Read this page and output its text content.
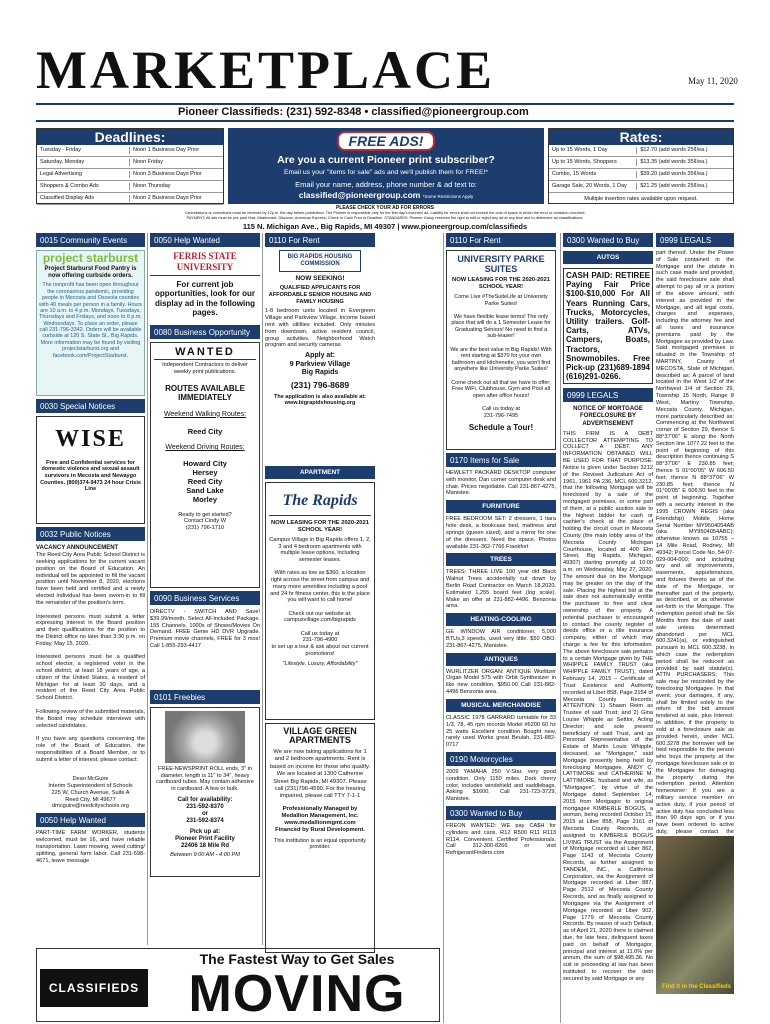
MARKETPLACE	May 11, 2020
Pioneer Classifieds: (231) 592-8348 • classified@pioneergroup.com
Deadlines:
Tuesday - Friday	Noon 1 Business Day Prior
Saturday, Monday	Noon Friday
Legal Advertising	Noon 3 Business Days Prior
Shoppers & Combo Ads	Noon Thursday
Classified Display Ads	Noon 2 Business Days Prior
FREE ADS!
Are you a current Pioneer print subscriber?
Email us your "items for sale" ads and we'll publish them for FREE!*
Email your name, address, phone number & ad text to:
classified@pioneergroup.com *Some Restrictions Apply
Rates:
Up to 15 Words, 1 Day	$12.70 (add words 25¢/ea.)
Up to 15 Words, Shoppers	$13.35 (add words 35¢/ea.)
Combo, 15 Words	$39.20 (add words 35¢/ea.)
Garage Sale, 20 Words, 1 Day	$21.25 (add words 25¢/ea.)
Multiple insertion rates available upon request.
PLEASE CHECK YOUR AD FOR ERRORS
Cancellations or corrections must be received by 12p.m. the day before publication. The Pioneer is responsible only for the first day's incorrect ad. Liability for errors shall not exceed the cost of space in which the error or omission occurred.
PAYMENT: All ads must be pre-paid Visa, Mastercard, Discover, American Express, Check or Cash Prior to Deadline. STANDARDS: Pioneer Group reserves the right to edit or reject any ad at any time and to determine ad classifications.
115 N. Michigan Ave., Big Rapids, MI 49307 | www.pioneergroup.com/classifieds
0015 Community Events
project starburst
Project Starburst Food Pantry is now offering curbside orders.
The nonprofit has been open throughout the coronavirus pandemic, providing people in Mecosta and Osceola counties with 40 meals per person in a family. Hours are 10 a.m. to 4 p.m. Mondays, Tuesdays, Thursdays and Fridays, and noon to 6 p.m. Wednesdays. To place an order, please call 231-796-3342. Orders will be available curbside at 120 S. State St., Big Rapids. More information may be found by visiting projectstarburst.org and facebook.com/ProjectStarburst.
0030 Special Notices
WISE
Free and Confidential services for domestic violence and sexual assault survivors in Mecosta and Newaygo Counties. (800)374-9473 24 hour Crisis Line
0032 Public Notices
VACANCY ANNOUNCEMENT
The Reed City Area Public School District is seeking applications for the current vacant position on the Board of Education. An individual will be appointed to fill the vacant position until November 8, 2020, elections have been held and certified and a newly elected individual has been sworn-in to fill the remainder of the position's term.

Interested persons must submit a letter expressing interest in the Board position and their qualifications for the position to the District office no later than 3:30 p.m. on Friday, May 15, 2020.

Interested persons must be a qualified school elector, a registered voter in the school district, at least 18 years of age, a citizen of the United States, a resident of Michigan for at least 30 days, and a resident of the Reed City Area Public School District.

Following review of the submitted materials, the Board may schedule interviews with selected candidates.

If you have any questions concerning the role of the Board of Education, the responsibilities of a Board Member, or to submit a letter of interest, please contact:
Dean McGuire
Interim Superintendent of Schools
225 W. Church Avenue, Suite A
Reed City, MI 49677
dmcguire@reedcityschools.org
0050 Help Wanted
PART-TIME FARM WORKER, students welcomed, must be 16, and have reliable transportation. Lawn mowing, weed cutting/ splitting, general farm labor. Call 231-598-4671, leave message
0050 Help Wanted
FERRIS STATE UNIVERSITY
For current job opportunities, look for our display ad in the following pages.
0080 Business Opportunity
WANTED
Independent Contractors to deliver weekly print publications.
ROUTES AVAILABLE IMMEDIATELY
Weekend Walking Routes:
Reed City
Weekend Driving Routes:
Howard City
Hersey
Reed City
Sand Lake
Morley
Ready to get started?
Contact Cindy W
(231) 796-1710
0090 Business Services
DIRECTV - SWITCH AND Save! $39.99/month. Select All-Included Package. 155 Channels. 1000s of Shows/Movies On Demand. FREE Genie HD DVR Upgrade. Premium movie channels, FREE for 3 mos! Call 1-855-293-4417
0101 Freebies
FREE-NEWSPRINT ROLL ends, 3" in diameter, length is 11" to 34", heavy cardboard tubes. May contain adhesive in cardboard. A few or bulk.
Call for availability:
231-592-8370
or
231-592-8374
Pick up at:
Pioneer Print Facility
22406 18 Mile Rd
Between 9:00 AM - 4:00 PM
0110 For Rent
BIG RAPIDS HOUSING COMMISSION
NOW SEEKING!
QUALIFIED APPLICANTS FOR AFFORDABLE SENIOR HOUSING AND FAMILY HOUSING
1-8 bedroom units located in Evergreen Village and Parkview Village. Income based rent with utilities included. Only minutes from downtown, active resident council, group activities. Neighborhood Watch program and security cameras.
Apply at:
9 Parkview Village
Big Rapids
(231) 796-8689
The application is also available at: www.bigrapidshousing.org
APARTMENT
The Rapids
NOW LEASING FOR THE 2020-2021 SCHOOL YEAR!
Campus Village in Big Rapids offers 1, 2, 3 and 4 bedroom apartments with multiple lease options, including semester leases.

With rates as low as $360, a location right across the street from campus and many more amenities including a pool and 24 hr fitness center, this is the place you will want to call home!

Check out our website at: campusvillage.com/bigrapids

Call us today at
231-796-4900
to set up a tour & ask about our current promotions!
"Lifestyle, Luxury, Affordability"
VILLAGE GREEN APARTMENTS
We are now taking applications for 1 and 2 bedroom apartments. Rent is based on income for those who qualify. We are located at 1300 Catherine Street Big Rapids, MI 49307. Please call (231)796-4590. For the hearing impaired, please call TTY 7-1-1
Professionally Managed by Medallion Management, Inc.
www.medallionmgmt.com
Financed by Rural Development.
This institution is an equal opportunity provider.
0110 For Rent
UNIVERSITY PARKE SUITES
NOW LEASING FOR THE 2020-2021 SCHOOL YEAR!
Come Live #TheSuiteLife at University Parke Suites!

We have flexible lease terms! The only place that will do a 1 Semester Lease for Graduating Seniors! No need to find a sub-leaser!

We are the best value in Big Rapids! With rent starting at $370 for your own bathroom and kitchenette, you won't find anywhere like University Parke Suites!

Come check out all that we have to offer; Free WiFi, Clubhouse, Gym and Pool all open after office hours!

Call us today at
231-796-7495
Schedule a Tour!
0170 Items for Sale
HEWLETT PACKARD DESKTOP computer with monitor, Dan corner computer desk and chair. Prices negotiable. Call 231-867-4275, Manistee.
FURNITURE
FREE BEDROOM SET: 2 dressers, 1 tiara hole desk, a bookcase bed, mattress and springs (queen sized), and a mirror for one of the dressers. Need the space. Photos available 231-362-7766 Frankfort
TREES
TREES: THREE LIVE 100 year old Black Walnut Trees accidentally cut down by Berlin Road Contractor on March 18,2020. Estimated 1,255 board feet (log scale). Make an offer at 231-882-4496. Benzonia area.
HEATING-COOLING
GE WINDOW AIR conditioner, 5,000 BTUs,3 speeds, used very little. $50 OBO. 231-867-4275, Manistee.
ANTIQUES
WURLITZER ORGAN: ANTIQUE Wurlitzer Organ Model 575 with Orbit Synthesizer in like new condition. $950.00 Call 231-882-4496 Benzonia area.
MUSICAL MERCHANDISE
CLASSIC 1978 GARRARD turntable for 33 1/3, 78, 45 rpm records Model #6200 60 hz 25 watts Excellent condition Bought new, rarely used Works great Beulah, 231-882-0717
0190 Motorcycles
2009 YAMAHA 250 V-Star, very good condition. Only 1150 miles. Dark cherry color, includes windshield and saddlebags. Asking $1600. Call 231-723-3729, Manistee.
0300 Wanted to Buy
FREON WANTED: WE pay CA$H for cylinders and cans. R12 R500 R11 R113 R114. Convenient. Certified Professionals. Call 312-300-8266 or visit RefrigerantFinders.com
0300 Wanted to Buy
AUTOS
CASH PAID: RETIREE Paying Fair Price $100-$10,000 For All Years Running Cars, Trucks, Motorcycles, Utility trailers. Golf-Carts, ATVs, Campers, Boats, Tractors, Snowmobiles. Free Pick-up (231)689-1894 (616)291-0266.
0999 LEGALS
NOTICE OF MORTGAGE FORECLOSURE BY ADVERTISEMENT
THIS FIRM IS A DEBT COLLECTOR ATTEMPTING TO COLLECT A DEBT. ANY INFORMATION OBTAINED WILL BE USED FOR THAT PURPOSE. Notice is given under Section 3212 of the Revised Judicature Act of 1961, 1961 PA 236, MCL 600.3212, that the following Mortgage will be foreclosed by a sale of the mortgaged premises, or some part of them, at a public auction sale to the highest bidder for cash or cashier's check at the place of holding the circuit court in Mecosta County (the main lobby area of the Mecosta County Michigan Courthouse, located at 400 Elm Street, Big Rapids, Michigan, 49307) starting promptly at 10:00 a.m. on Wednesday, May 27, 2020. The amount due on the Mortgage may be greater on the day of the sale. Placing the highest bid at the sale does not automatically entitle the purchaser to free and clear ownership of the property. A potential purchaser is encouraged to contact the county register of deeds office or a title insurance company, either of which may charge a fee for this information. The above foreclosure sale pertains to a certain Mortgage given by THE WHIPPLE FAMILY TRUST (aka WHIPPLE FAMILY TRUST), dated February 14, 2015 – Certificate of Trust Existence and Authority recorded at Liber 858, Page 2154 of Mecosta County Records; ATTENTION: 1) Shawn Reim as Trustee of said Trust; and 2) Gina Louise Whipple as Settlor, Acting Director; and sole present beneficiary of said Trust, and as Personal Representative of the Estate of Martin Louis Whipple, deceased, as "Mortgagor," said Mortgage presently being held by foreclosing Mortgagee, ANDY C. LATTIMORE and CATHERINE M. LATTIMORE, husband and wife, as "Mortgagee", by virtue of the Mortgage dated September 14, 2015 from Mortgagor to original mortgagee KIMBERLE BOGUS, a woman, being recorded October 15, 2015 at Liber 858, Page 2161 of Mecosta County Records, as assigned to KIMBERLE BOGUS LIVING TRUST via the Assignment of Mortgage recorded at Liber 862, Page 1143 of Mecosta County Records, as further assigned to TANDEM, INC., a California Corporation, via the Assignment of Mortgage recorded at Liber 887, Page 2512 of Mecosta County Records, and as finally assigned to Mortgagee via the Assignment of Mortgage recorded at Liber 902, Page 1779 of Mecosta County Records. By reason of such Default, as of April 21, 2020 there is claimed due, for late fees, delinquent taxes paid on behalf of Mortgagor, principal and interest at 11.0% per annum, the sum of $98,495.36. No suit or proceeding at law has been instituted to recover the debt secured by said Mortgage or any
0999 LEGALS
part thereof. Under the Power of Sale contained in the Mortgage and the statute in such case made and provided, the said foreclosure sale shall attempt to pay all or a portion of the above amount, with interest as provided in the Mortgage, and all legal costs, charges and expenses, including the attorney fee and all taxes and insurance premiums paid by the Mortgagee as provided by Law. Said mortgaged premises is situated in the Township of MARTINY, County of MECOSTA, State of Michigan, described as: A parcel of land located in the West 1/2 of the Northwest 1/4 of Section 29, Township 15 North, Range 8 West, Martiny Township, Mecosta County, Michigan, more particularly described as: Commencing at the Northwest corner of Section 29, thence S 88°37'06" E along the North Section line 1077.22 feet to the point of beginning of this description thence continuing S 88°37'06" E 230.85 feet; thence S 01°00'05" W 606.50 feet; thence N 88°37'06" W 230.85 feet; thence N 01°00'05" E 606.50 feet to the point of beginning. Together with a security interest in the 1995 CROWN REGIS (aka Friendship) Mobile Home Serial Number MY9504054AB (aka MY9504054ABC); otherwise known as 10755 – 14 Mile Road, Rodney, MI 49342; Parcel Code No. 54-07-029-004-000; and including any and all improvements, easements, appurtenances, and fixtures thereto as of the date of the Mortgage, or thereafter part of the property, as described, or as otherwise set-forth in the Mortgage. The redemption period shall be Six Months from the date of said sale unless determined abandoned per MCL 600.3241(a), or extinguished pursuant to MCL 600.3238, in which case the redemption period shall be reduced as provided by said statute(s). ATTN PURCHASERS: This sale may be rescinded by the foreclosing Mortgagee. In that event, your damages, if any, shall be limited solely to the return of the bid amount tendered at sale, plus interest. In addition, if the property is sold at a foreclosure sale as provided herein, under MCL 600.3278 the borrower will be held responsible to the person who buys the property at the mortgage foreclosure sale or to the Mortgagee for damaging the property during the redemption period. Attention homeowner: If you are a military service member on active duty, if your period of active duty has concluded less than 90 days ago, or if you have been ordered to active duty, please contact the

Find it in the Classifieds
CLASSIFIEDS
The Fastest Way to Get Sales
MOVING
